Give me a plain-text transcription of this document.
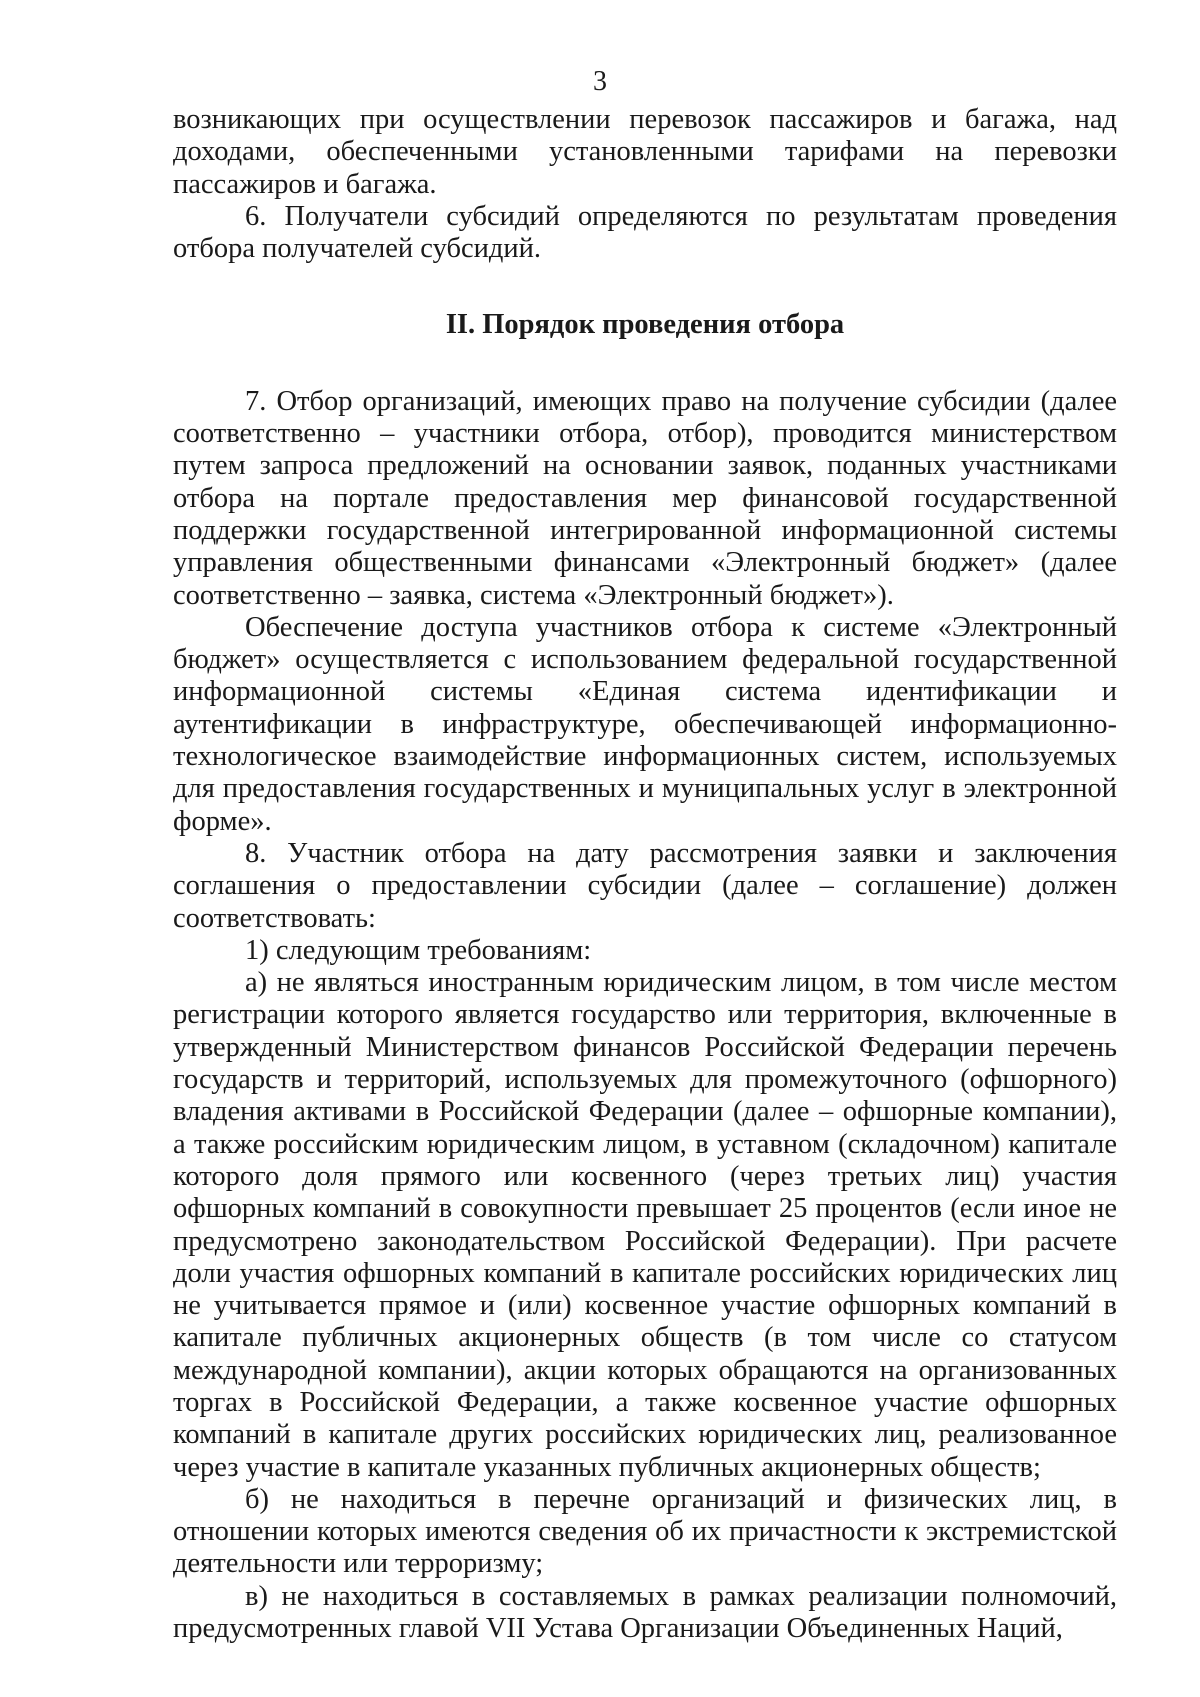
3

возникающих при осуществлении перевозок пассажиров и багажа, над доходами, обеспеченными установленными тарифами на перевозки пассажиров и багажа.

6. Получатели субсидий определяются по результатам проведения отбора получателей субсидий.

II. Порядок проведения отбора

7. Отбор организаций, имеющих право на получение субсидии (далее соответственно – участники отбора, отбор), проводится министерством путем запроса предложений на основании заявок, поданных участниками отбора на портале предоставления мер финансовой государственной поддержки государственной интегрированной информационной системы управления общественными финансами «Электронный бюджет» (далее соответственно – заявка, система «Электронный бюджет»).

Обеспечение доступа участников отбора к системе «Электронный бюджет» осуществляется с использованием федеральной государственной информационной системы «Единая система идентификации и аутентификации в инфраструктуре, обеспечивающей информационно-технологическое взаимодействие информационных систем, используемых для предоставления государственных и муниципальных услуг в электронной форме».

8. Участник отбора на дату рассмотрения заявки и заключения соглашения о предоставлении субсидии (далее – соглашение) должен соответствовать:

1) следующим требованиям:

а) не являться иностранным юридическим лицом, в том числе местом регистрации которого является государство или территория, включенные в утвержденный Министерством финансов Российской Федерации перечень государств и территорий, используемых для промежуточного (офшорного) владения активами в Российской Федерации (далее – офшорные компании), а также российским юридическим лицом, в уставном (складочном) капитале которого доля прямого или косвенного (через третьих лиц) участия офшорных компаний в совокупности превышает 25 процентов (если иное не предусмотрено законодательством Российской Федерации). При расчете доли участия офшорных компаний в капитале российских юридических лиц не учитывается прямое и (или) косвенное участие офшорных компаний в капитале публичных акционерных обществ (в том числе со статусом международной компании), акции которых обращаются на организованных торгах в Российской Федерации, а также косвенное участие офшорных компаний в капитале других российских юридических лиц, реализованное через участие в капитале указанных публичных акционерных обществ;

б) не находиться в перечне организаций и физических лиц, в отношении которых имеются сведения об их причастности к экстремистской деятельности или терроризму;

в) не находиться в составляемых в рамках реализации полномочий, предусмотренных главой VII Устава Организации Объединенных Наций,
